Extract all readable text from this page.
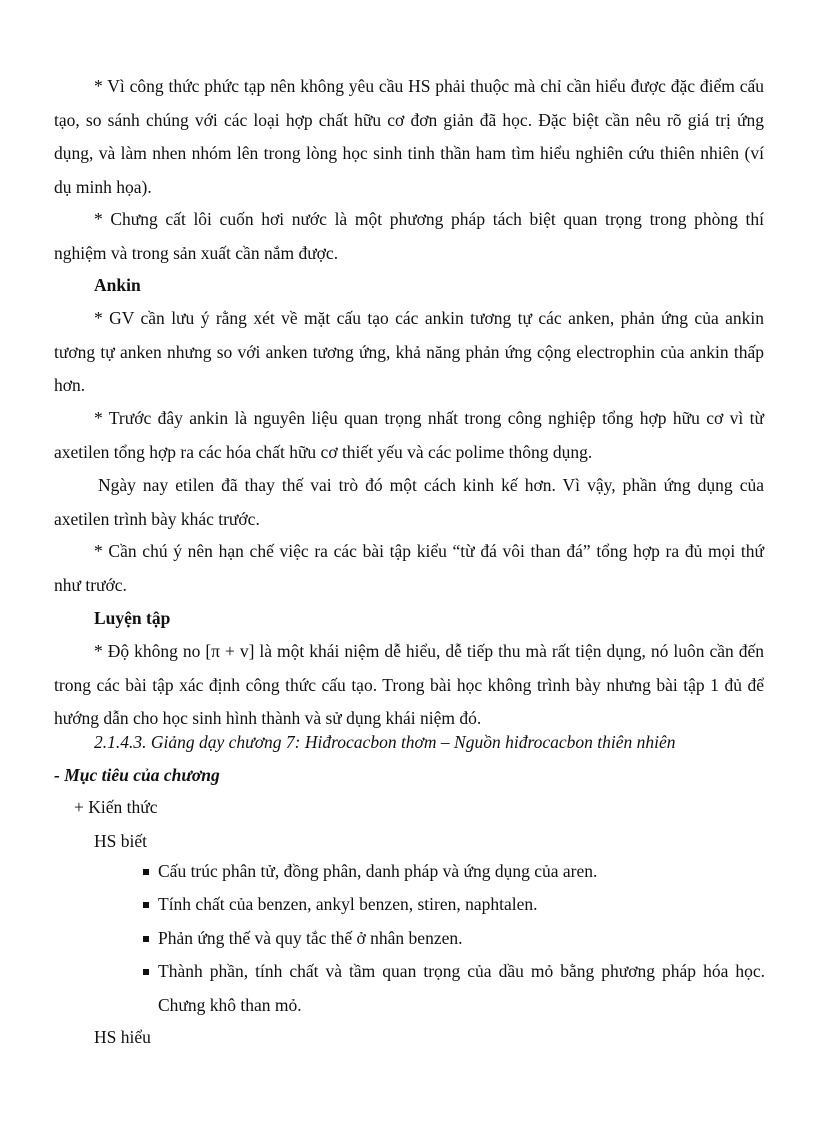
* Vì công thức phức tạp nên không yêu cầu HS phải thuộc mà chỉ cần hiểu được đặc điểm cấu tạo, so sánh chúng với các loại hợp chất hữu cơ đơn giản đã học. Đặc biệt cần nêu rõ giá trị ứng dụng, và làm nhen nhóm lên trong lòng học sinh tinh thần ham tìm hiểu nghiên cứu thiên nhiên (ví dụ minh họa).

* Chưng cất lôi cuốn hơi nước là một phương pháp tách biệt quan trọng trong phòng thí nghiệm và trong sản xuất cần nắm được.

Ankin

* GV cần lưu ý rằng xét về mặt cấu tạo các ankin tương tự các anken, phản ứng của ankin tương tự anken nhưng so với anken tương ứng, khả năng phản ứng cộng electrophin của ankin thấp hơn.

* Trước đây ankin là nguyên liệu quan trọng nhất trong công nghiệp tổng hợp hữu cơ vì từ axetilen tổng hợp ra các hóa chất hữu cơ thiết yếu và các polime thông dụng.

Ngày nay etilen đã thay thế vai trò đó một cách kinh kế hơn. Vì vậy, phần ứng dụng của axetilen trình bày khác trước.

* Cần chú ý nên hạn chế việc ra các bài tập kiểu “từ đá vôi than đá” tổng hợp ra đủ mọi thứ như trước.

Luyện tập

* Độ không no [π + v] là một khái niệm dễ hiểu, dễ tiếp thu mà rất tiện dụng, nó luôn cần đến trong các bài tập xác định công thức cấu tạo. Trong bài học không trình bày nhưng bài tập 1 đủ để hướng dẫn cho học sinh hình thành và sử dụng khái niệm đó.

2.1.4.3. Giảng dạy chương 7: Hiđrocacbon thơm – Nguồn hiđrocacbon thiên nhiên

- Mục tiêu của chương

+ Kiến thức

HS biết

Cấu trúc phân tử, đồng phân, danh pháp và ứng dụng của aren.
Tính chất của benzen, ankyl benzen, stiren, naphtalen.
Phản ứng thế và quy tắc thế ở nhân benzen.
Thành phần, tính chất và tầm quan trọng của dầu mỏ bằng phương pháp hóa học. Chưng khô than mỏ.

HS hiểu
